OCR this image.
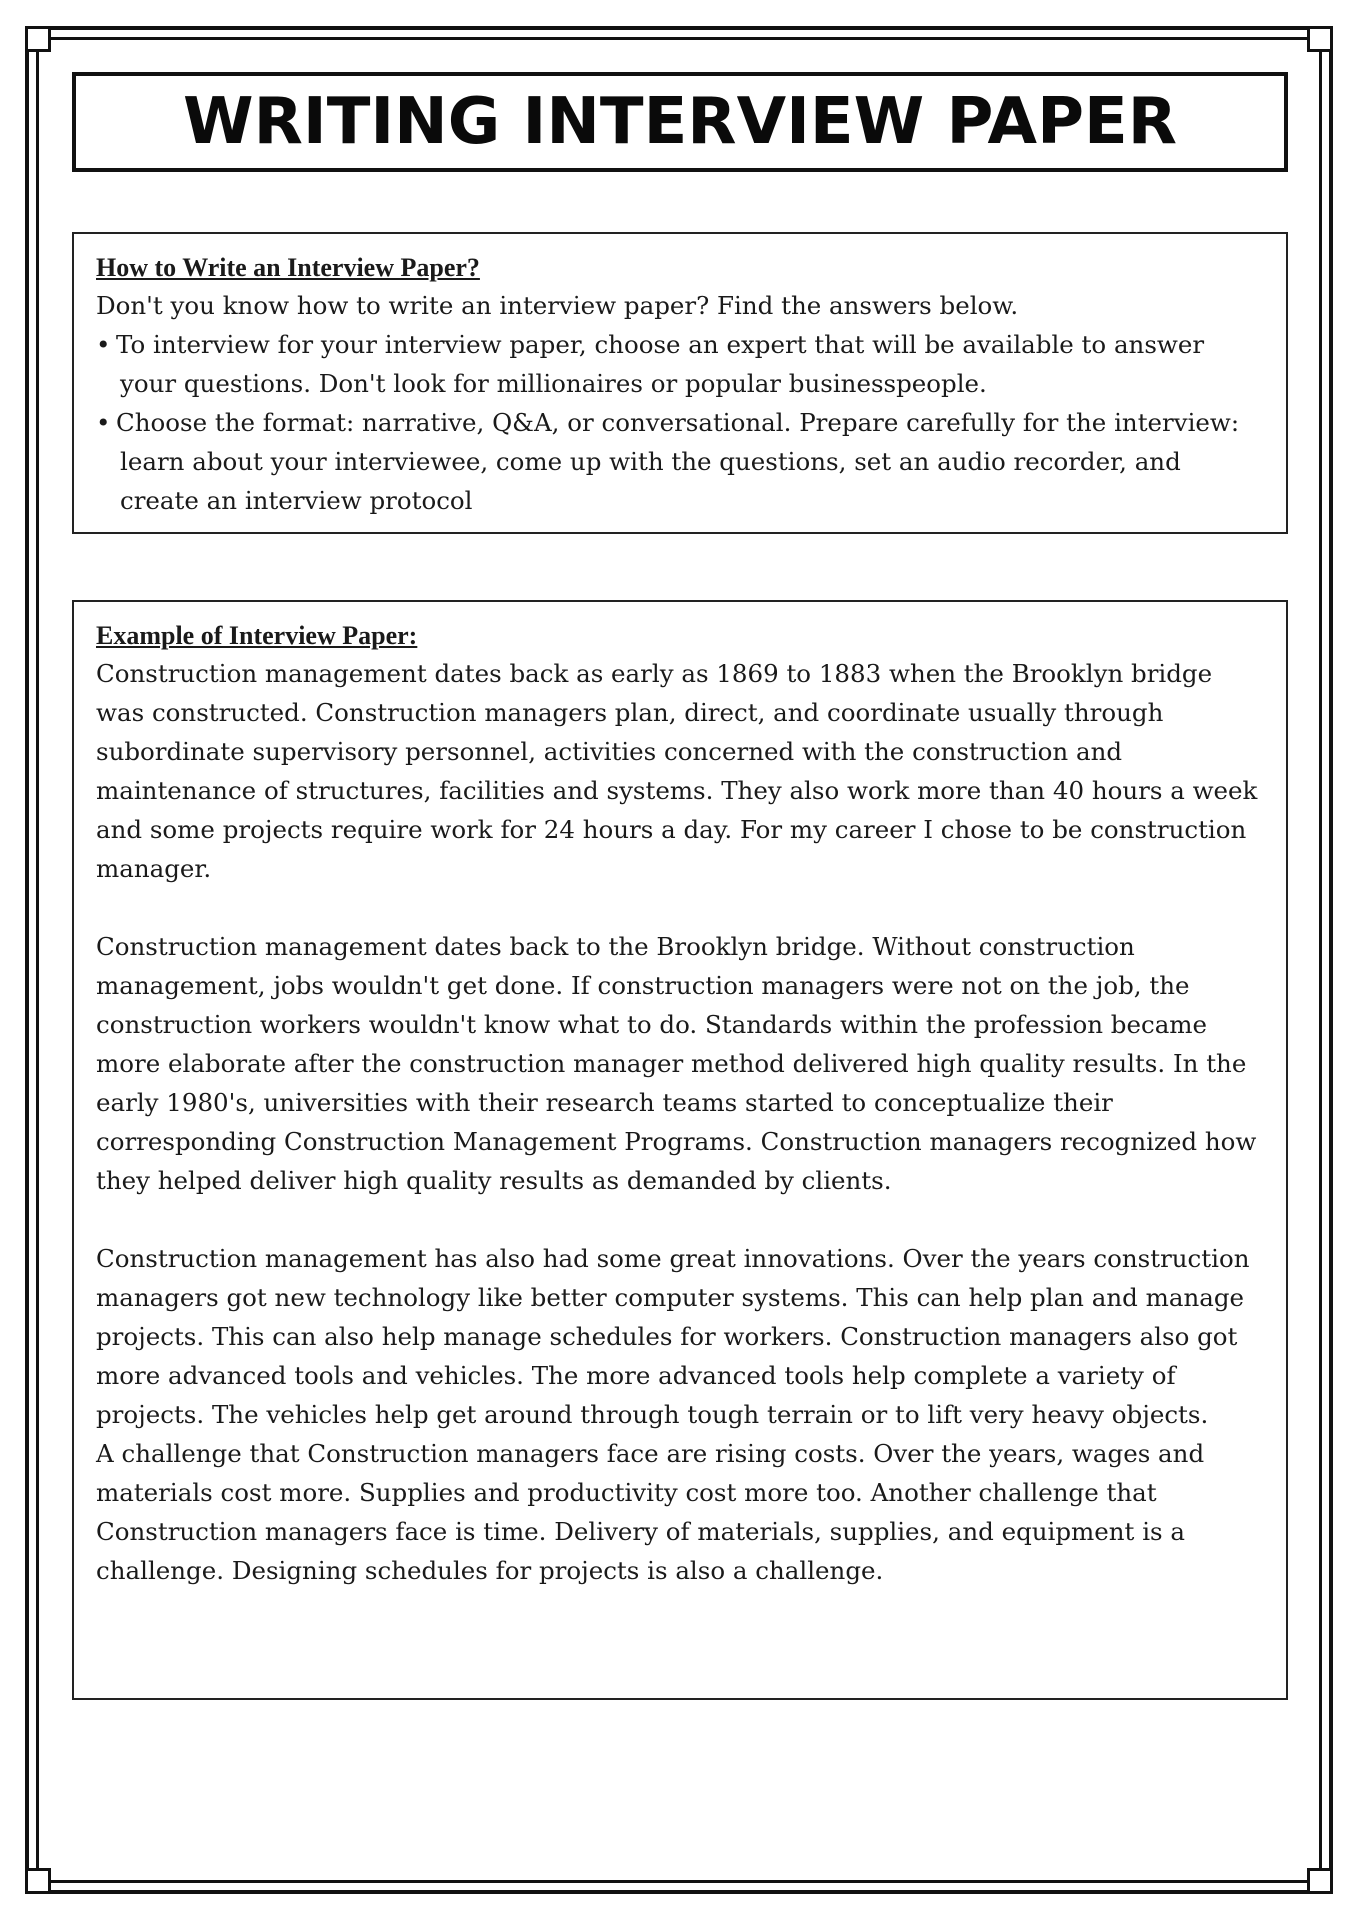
WRITING INTERVIEW PAPER

How to Write an Interview Paper?

Don't you know how to write an interview paper? Find the answers below.

• To interview for your interview paper, choose an expert that will be available to answer your questions. Don't look for millionaires or popular businesspeople.

• Choose the format: narrative, Q&A, or conversational. Prepare carefully for the interview: learn about your interviewee, come up with the questions, set an audio recorder, and create an interview protocol

Example of Interview Paper:

Construction management dates back as early as 1869 to 1883 when the Brooklyn bridge was constructed. Construction managers plan, direct, and coordinate usually through subordinate supervisory personnel, activities concerned with the construction and maintenance of structures, facilities and systems. They also work more than 40 hours a week and some projects require work for 24 hours a day. For my career I chose to be construction manager.

Construction management dates back to the Brooklyn bridge. Without construction management, jobs wouldn't get done. If construction managers were not on the job, the construction workers wouldn't know what to do. Standards within the profession became more elaborate after the construction manager method delivered high quality results. In the early 1980's, universities with their research teams started to conceptualize their corresponding Construction Management Programs. Construction managers recognized how they helped deliver high quality results as demanded by clients.

Construction management has also had some great innovations. Over the years construction managers got new technology like better computer systems. This can help plan and manage projects. This can also help manage schedules for workers. Construction managers also got more advanced tools and vehicles. The more advanced tools help complete a variety of projects. The vehicles help get around through tough terrain or to lift very heavy objects.

A challenge that Construction managers face are rising costs. Over the years, wages and materials cost more. Supplies and productivity cost more too. Another challenge that Construction managers face is time. Delivery of materials, supplies, and equipment is a challenge. Designing schedules for projects is also a challenge.
